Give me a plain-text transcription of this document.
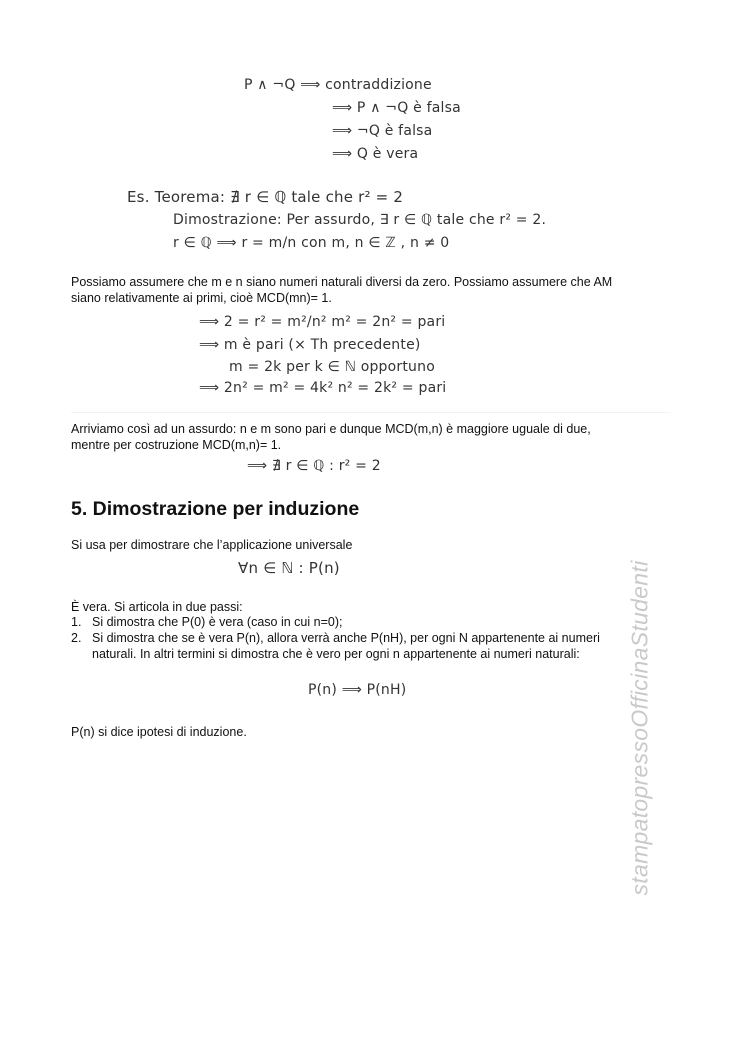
P ∧ ¬Q ⟹ contraddizione
⟹ P ∧ ¬Q è falsa
⟹ ¬Q è falsa
⟹ Q è vera
Es. Teorema: ∄ r ∈ ℚ tale che r² = 2
Dimostrazione: Per assurdo, ∃ r ∈ ℚ tale che r² = 2.
r ∈ ℚ ⟹ r = m/n con m, n ∈ ℤ , n ≠ 0
Possiamo assumere che m e n siano numeri naturali diversi da zero. Possiamo assumere che AM
siano relativamente ai primi, cioè MCD(mn)= 1.
⟹ 2 = r² = m²/n² m² = 2n² = pari
⟹ m è pari (× Th precedente)
m = 2k per k ∈ ℕ opportuno
⟹ 2n² = m² = 4k² n² = 2k² = pari
Arriviamo così ad un assurdo: n e m sono pari e dunque MCD(m,n) è maggiore uguale di due,
mentre per costruzione MCD(m,n)= 1.
⟹ ∄ r ∈ ℚ : r² = 2
5. Dimostrazione per induzione
Si usa per dimostrare che l’applicazione universale
∀n ∈ ℕ : P(n)
È vera. Si articola in due passi:
1. Si dimostra che P(0) è vera (caso in cui n=0);
2. Si dimostra che se è vera P(n), allora verrà anche P(nH), per ogni N appartenente ai numeri
naturali. In altri termini si dimostra che è vero per ogni n appartenente ai numeri naturali:
P(n) ⟹ P(nH)
P(n) si dice ipotesi di induzione.	stampatopressoOfficinaStudenti
